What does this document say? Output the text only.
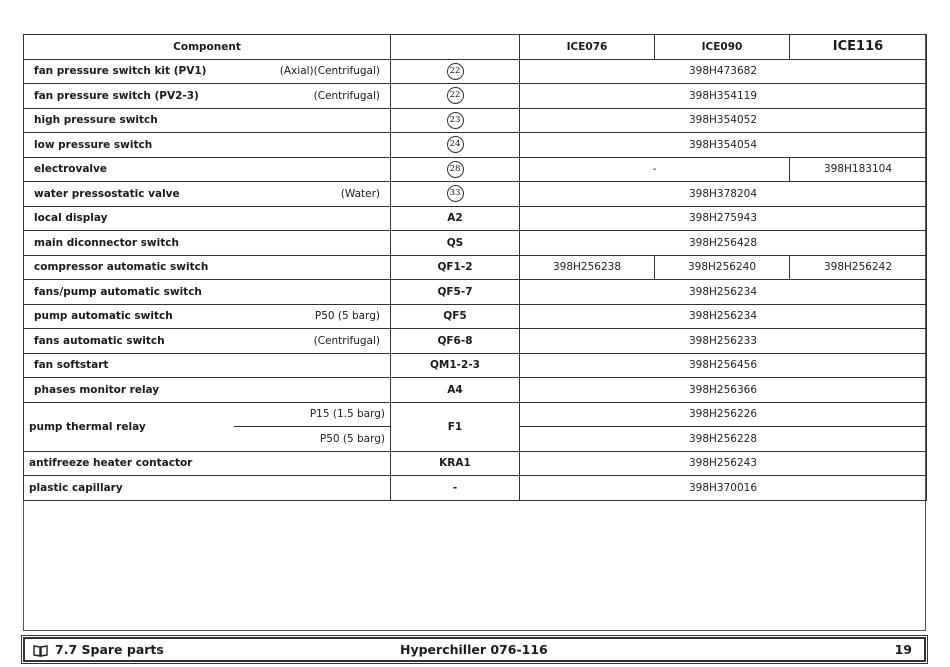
Component			ICE076	ICE090	ICE116

fan pressure switch kit (PV1) (Axial)(Centrifugal)		22	398H473682		

fan pressure switch (PV2-3) (Centrifugal)		22	398H354119		

high pressure switch		23	398H354052		

low pressure switch		24	398H354054		

electrovalve		28	-		398H183104

water pressostatic valve (Water)		33	398H378204		

local display		A2	398H275943		

main diconnector switch		QS	398H256428		

compressor automatic switch		QF1-2	398H256238	398H256240	398H256242

fans/pump automatic switch		QF5-7	398H256234		

pump automatic switch P50 (5 barg)		QF5	398H256234		

fans automatic switch (Centrifugal)		QF6-8	398H256233		

fan softstart		QM1-2-3	398H256456		

phases monitor relay		A4	398H256366		
pump thermal relay	P15 (1.5 barg)	F1	398H256226		
	P50 (5 barg)		398H256228		
antifreeze heater contactor		KRA1	398H256243		
plastic capillary		-	398H370016		
7.7 Spare parts	Hyperchiller 076-116	19
